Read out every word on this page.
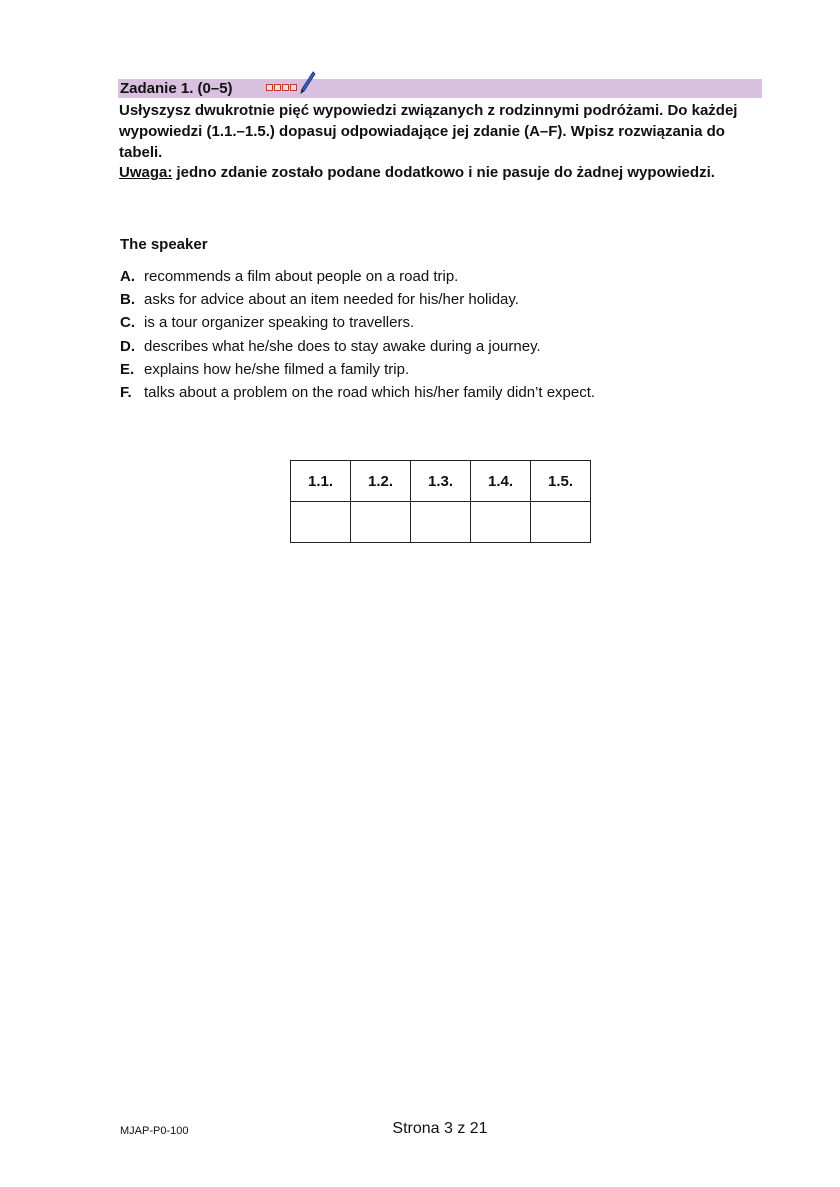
Zadanie 1. (0–5)
Usłyszysz dwukrotnie pięć wypowiedzi związanych z rodzinnymi podróżami. Do każdej wypowiedzi (1.1.–1.5.) dopasuj odpowiadające jej zdanie (A–F). Wpisz rozwiązania do tabeli.
Uwaga: jedno zdanie zostało podane dodatkowo i nie pasuje do żadnej wypowiedzi.
The speaker
A. recommends a film about people on a road trip.
B. asks for advice about an item needed for his/her holiday.
C. is a tour organizer speaking to travellers.
D. describes what he/she does to stay awake during a journey.
E. explains how he/she filmed a family trip.
F. talks about a problem on the road which his/her family didn’t expect.
1.1.	1.2.	1.3.	1.4.	1.5.

MJAP-P0-100	Strona 3 z 21
